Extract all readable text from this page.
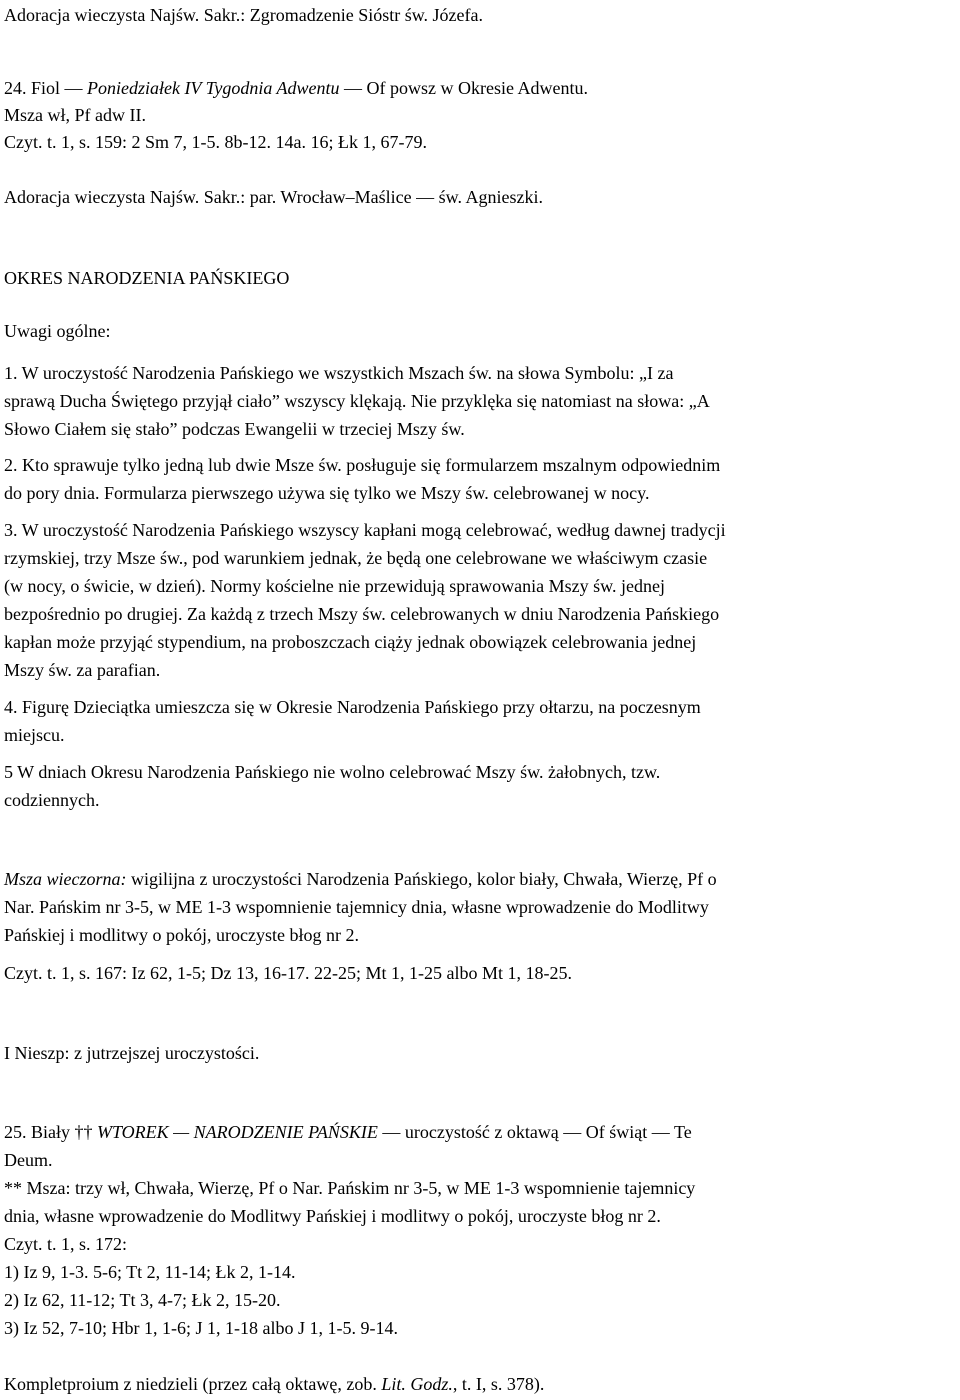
Adoracja wieczysta Najśw. Sakr.: Zgromadzenie Sióstr św. Józefa.
24. Fiol — Poniedziałek IV Tygodnia Adwentu — Of powsz w Okresie Adwentu.
Msza wł, Pf adw II.
Czyt. t. 1, s. 159: 2 Sm 7, 1-5. 8b-12. 14a. 16; Łk 1, 67-79.
Adoracja wieczysta Najśw. Sakr.: par. Wrocław–Maślice — św. Agnieszki.
OKRES NARODZENIA PAŃSKIEGO
Uwagi ogólne:
1. W uroczystość Narodzenia Pańskiego we wszystkich Mszach św. na słowa Symbolu: „I za
sprawą Ducha Świętego przyjął ciało” wszyscy klękają. Nie przyklęka się natomiast na słowa: „A
Słowo Ciałem się stało” podczas Ewangelii w trzeciej Mszy św.
2. Kto sprawuje tylko jedną lub dwie Msze św. posługuje się formularzem mszalnym odpowiednim
do pory dnia. Formularza pierwszego używa się tylko we Mszy św. celebrowanej w nocy.
3. W uroczystość Narodzenia Pańskiego wszyscy kapłani mogą celebrować, według dawnej tradycji
rzymskiej, trzy Msze św., pod warunkiem jednak, że będą one celebrowane we właściwym czasie
(w nocy, o świcie, w dzień). Normy kościelne nie przewidują sprawowania Mszy św. jednej
bezpośrednio po drugiej. Za każdą z trzech Mszy św. celebrowanych w dniu Narodzenia Pańskiego
kapłan może przyjąć stypendium, na proboszczach ciąży jednak obowiązek celebrowania jednej
Mszy św. za parafian.
4. Figurę Dzieciątka umieszcza się w Okresie Narodzenia Pańskiego przy ołtarzu, na poczesnym
miejscu.
5 W dniach Okresu Narodzenia Pańskiego nie wolno celebrować Mszy św. żałobnych, tzw.
codziennych.
Msza wieczorna: wigilijna z uroczystości Narodzenia Pańskiego, kolor biały, Chwała, Wierzę, Pf o
Nar. Pańskim nr 3-5, w ME 1-3 wspomnienie tajemnicy dnia, własne wprowadzenie do Modlitwy
Pańskiej i modlitwy o pokój, uroczyste błog nr 2.
Czyt. t. 1, s. 167: Iz 62, 1-5; Dz 13, 16-17. 22-25; Mt 1, 1-25 albo Mt 1, 18-25.
I Nieszp: z jutrzejszej uroczystości.
25. Biały †† WTOREK — NARODZENIE PAŃSKIE — uroczystość z oktawą — Of świąt — Te
Deum.
** Msza: trzy wł, Chwała, Wierzę, Pf o Nar. Pańskim nr 3-5, w ME 1-3 wspomnienie tajemnicy
dnia, własne wprowadzenie do Modlitwy Pańskiej i modlitwy o pokój, uroczyste błog nr 2.
Czyt. t. 1, s. 172:
1) Iz 9, 1-3. 5-6; Tt 2, 11-14; Łk 2, 1-14.
2) Iz 62, 11-12; Tt 3, 4-7; Łk 2, 15-20.
3) Iz 52, 7-10; Hbr 1, 1-6; J 1, 1-18 albo J 1, 1-5. 9-14.
Kompletproium z niedzieli (przez całą oktawę, zob. Lit. Godz., t. I, s. 378).
